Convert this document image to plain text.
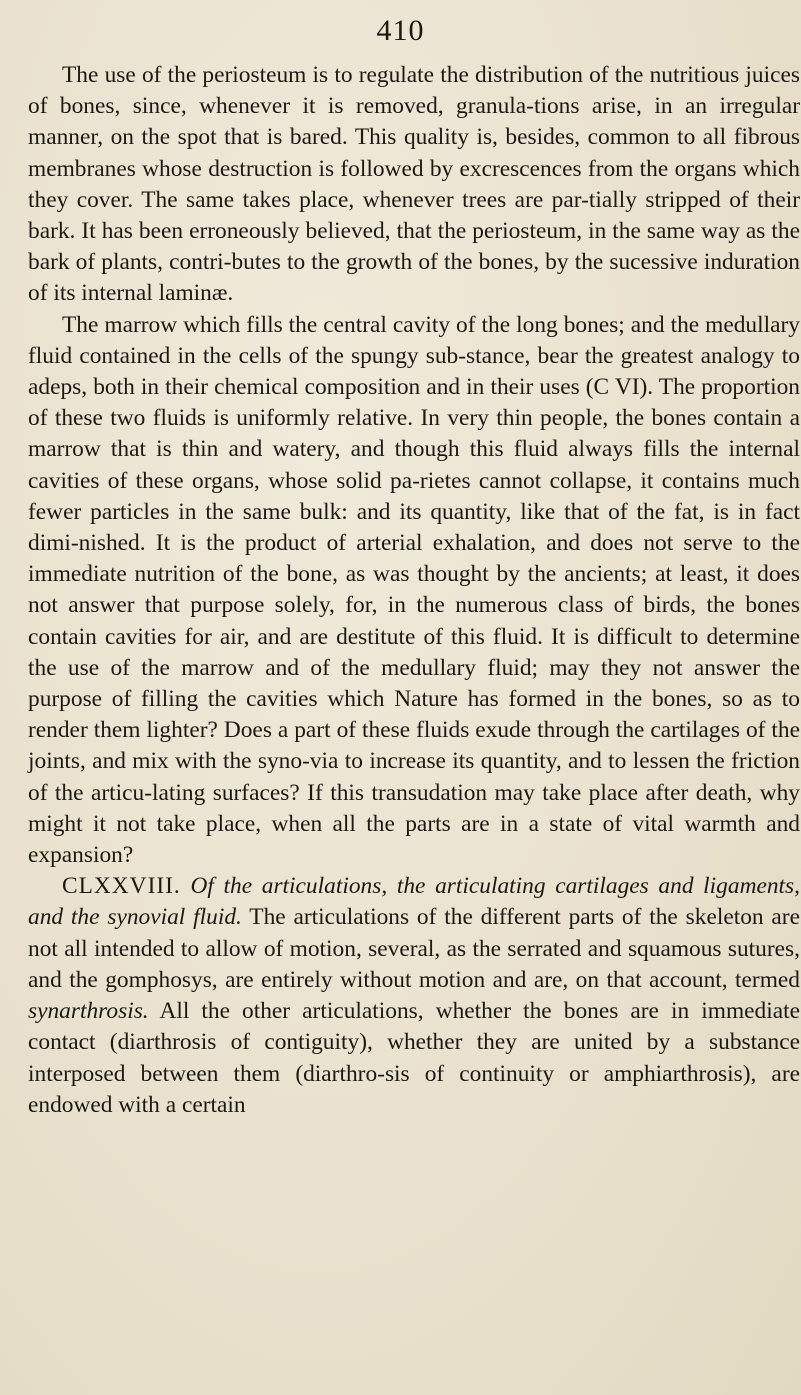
410

The use of the periosteum is to regulate the distribution of the nutritious juices of bones, since, whenever it is removed, granula-tions arise, in an irregular manner, on the spot that is bared. This quality is, besides, common to all fibrous membranes whose destruction is followed by excrescences from the organs which they cover. The same takes place, whenever trees are par-tially stripped of their bark. It has been erroneously believed, that the periosteum, in the same way as the bark of plants, contri-butes to the growth of the bones, by the sucessive induration of its internal laminæ.

The marrow which fills the central cavity of the long bones; and the medullary fluid contained in the cells of the spungy sub-stance, bear the greatest analogy to adeps, both in their chemical composition and in their uses (C VI). The proportion of these two fluids is uniformly relative. In very thin people, the bones contain a marrow that is thin and watery, and though this fluid always fills the internal cavities of these organs, whose solid pa-rietes cannot collapse, it contains much fewer particles in the same bulk: and its quantity, like that of the fat, is in fact dimi-nished. It is the product of arterial exhalation, and does not serve to the immediate nutrition of the bone, as was thought by the ancients; at least, it does not answer that purpose solely, for, in the numerous class of birds, the bones contain cavities for air, and are destitute of this fluid. It is difficult to determine the use of the marrow and of the medullary fluid; may they not answer the purpose of filling the cavities which Nature has formed in the bones, so as to render them lighter? Does a part of these fluids exude through the cartilages of the joints, and mix with the syno-via to increase its quantity, and to lessen the friction of the articu-lating surfaces? If this transudation may take place after death, why might it not take place, when all the parts are in a state of vital warmth and expansion?

CLXXVIII. Of the articulations, the articulating cartilages and ligaments, and the synovial fluid. The articulations of the different parts of the skeleton are not all intended to allow of motion, several, as the serrated and squamous sutures, and the gomphosys, are entirely without motion and are, on that account, termed synarthrosis. All the other articulations, whether the bones are in immediate contact (diarthrosis of contiguity), whether they are united by a substance interposed between them (diarthro-sis of continuity or amphiarthrosis), are endowed with a certain
